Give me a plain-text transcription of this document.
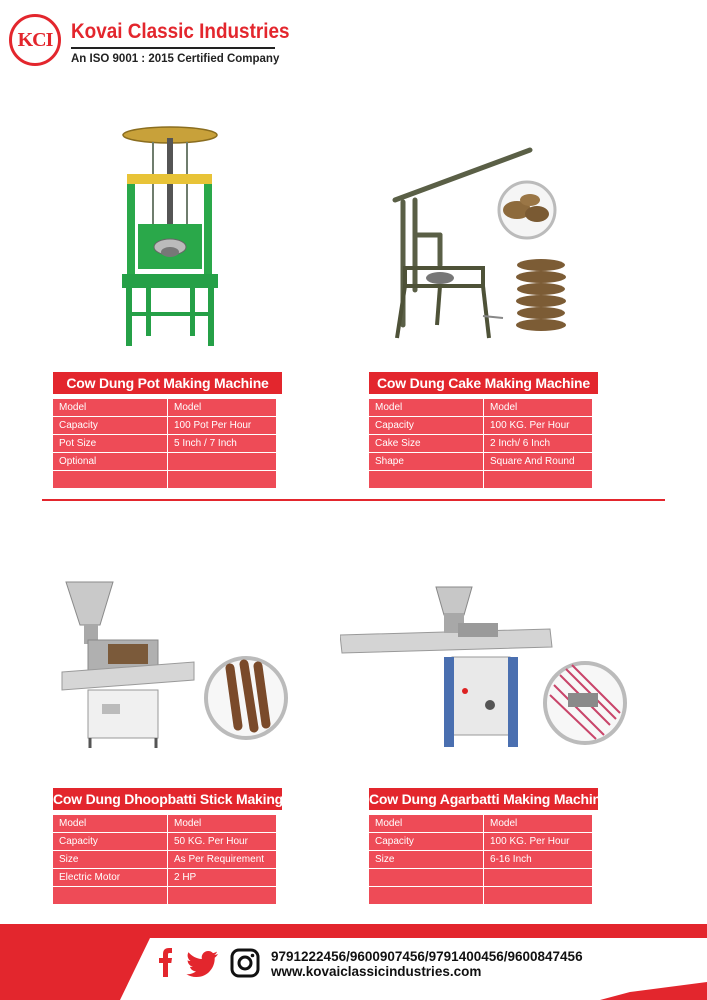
KCI Kovai Classic Industries
An ISO 9001 : 2015 Certified Company
Cow Dung Pot Making Machine
Model	Model
Capacity	100 Pot Per Hour
Pot Size	5 Inch / 7 Inch
Optional	

Cow Dung Cake Making Machine
Model	Model
Capacity	100 KG. Per Hour
Cake Size	2 Inch/ 6 Inch
Shape	Square And Round

Cow Dung Dhoopbatti Stick Making Machine
Model	Model
Capacity	50 KG. Per Hour
Size	As Per Requirement
Electric Motor	2 HP

Cow Dung Agarbatti Making Machine
Model	Model
Capacity	100 KG. Per Hour
Size	6-16 Inch

9791222456/9600907456/9791400456/9600847456
www.kovaiclassicindustries.com
